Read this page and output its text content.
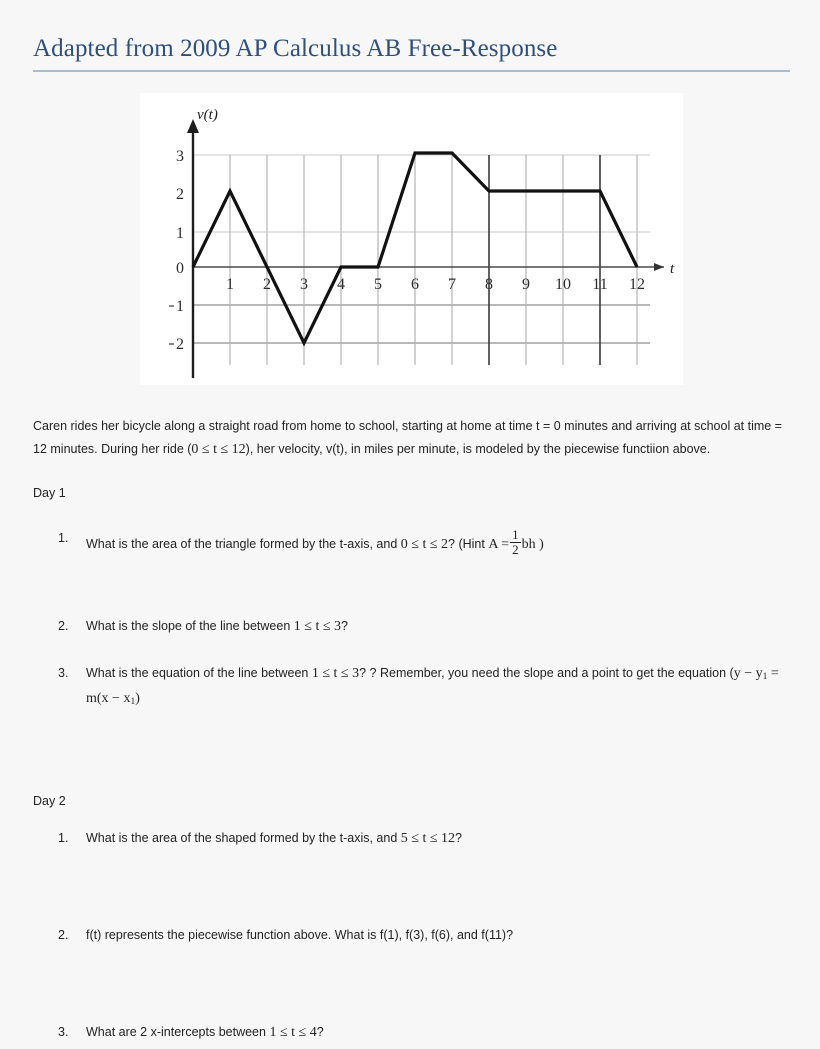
Adapted from 2009 AP Calculus AB Free-Response
3
2
1
0
1
2
1 2 3 4 5 6 7 8 9 10 11 12
v(t)
t

Caren rides her bicycle along a straight road from home to school, starting at home at time t = 0 minutes and arriving at school at time = 12 minutes. During her ride (0 ≤ t ≤ 12), her velocity, v(t), in miles per minute, is modeled by the piecewise functiion above.

Day 1
1. What is the area of the triangle formed by the t-axis, and 0 ≤ t ≤ 2? (Hint $A = \frac{1}{2}$ bh )
2. What is the slope of the line between 1 ≤ t ≤ 3?
3. What is the equation of the line between 1 ≤ t ≤ 3? ? Remember, you need the slope and a point to get the equation ($y - y_1 = m(x - x_1)$
Day 2
1. What is the area of the shaped formed by the t-axis, and 5 ≤ t ≤ 12?
2. f(t) represents the piecewise function above. What is f(1), f(3), f(6), and f(11)?
3. What are 2 x-intercepts between 1 ≤ t ≤ 4?
